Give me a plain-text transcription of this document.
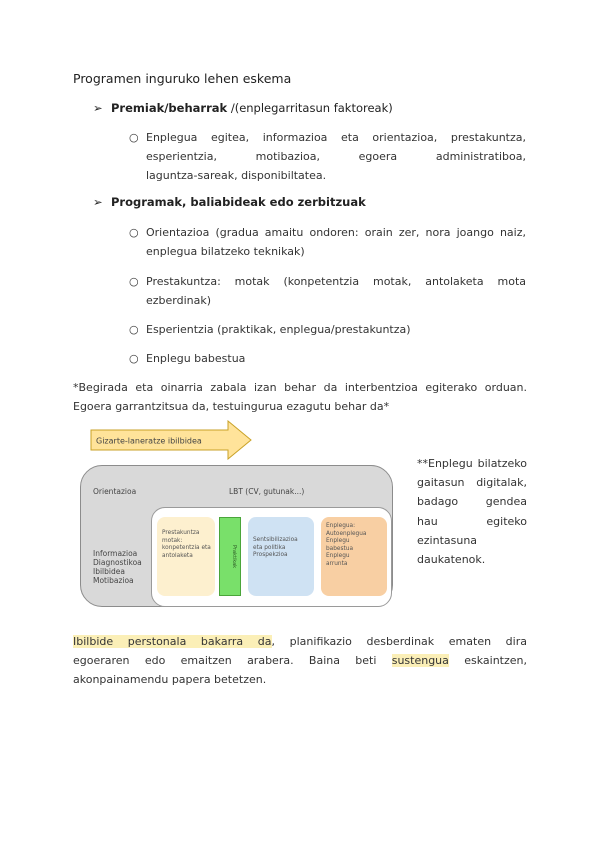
Programen inguruko lehen eskema
➢ Premiak/beharrak /(enplegarritasun faktoreak)
○ Enplegua egitea, informazioa eta orientazioa, prestakuntza,
esperientzia, motibazioa, egoera administratiboa,
laguntza-sareak, disponibiltatea.
➢ Programak, baliabideak edo zerbitzuak
○ Orientazioa (gradua amaitu ondoren: orain zer, nora joango naiz,
enplegua bilatzeko teknikak)
○ Prestakuntza: motak (konpetentzia motak, antolaketa mota
ezberdinak)
○ Esperientzia (praktikak, enplegua/prestakuntza)
○ Enplegu babestua
*Begirada eta oinarria zabala izan behar da interbentzioa egiterako orduan.
Egoera garrantzitsua da, testuingurua ezagutu behar da*
Gizarte-laneratze ibilbidea
Orientazioa	LBT (CV, gutunak...)
Informazioa
Diagnostikoa
Ibilbidea
Motibazioa
Prestakuntza
motak:
konpetentzia eta
antolaketa	Praktikak
Sentsibilizazioa
eta politika
Prospekzioa
Enplegua:
Autoenplegua
Enplegu
babestua
Enplegu
arrunta
**Enplegu bilatzeko
gaitasun digitalak,
badago gendea
hau egiteko
ezintasuna
daukatenok.
Ibilbide perstonala bakarra da, planifikazio desberdinak ematen dira
egoeraren edo emaitzen arabera. Baina beti sustengua eskaintzen,
akonpainamendu papera betetzen.
